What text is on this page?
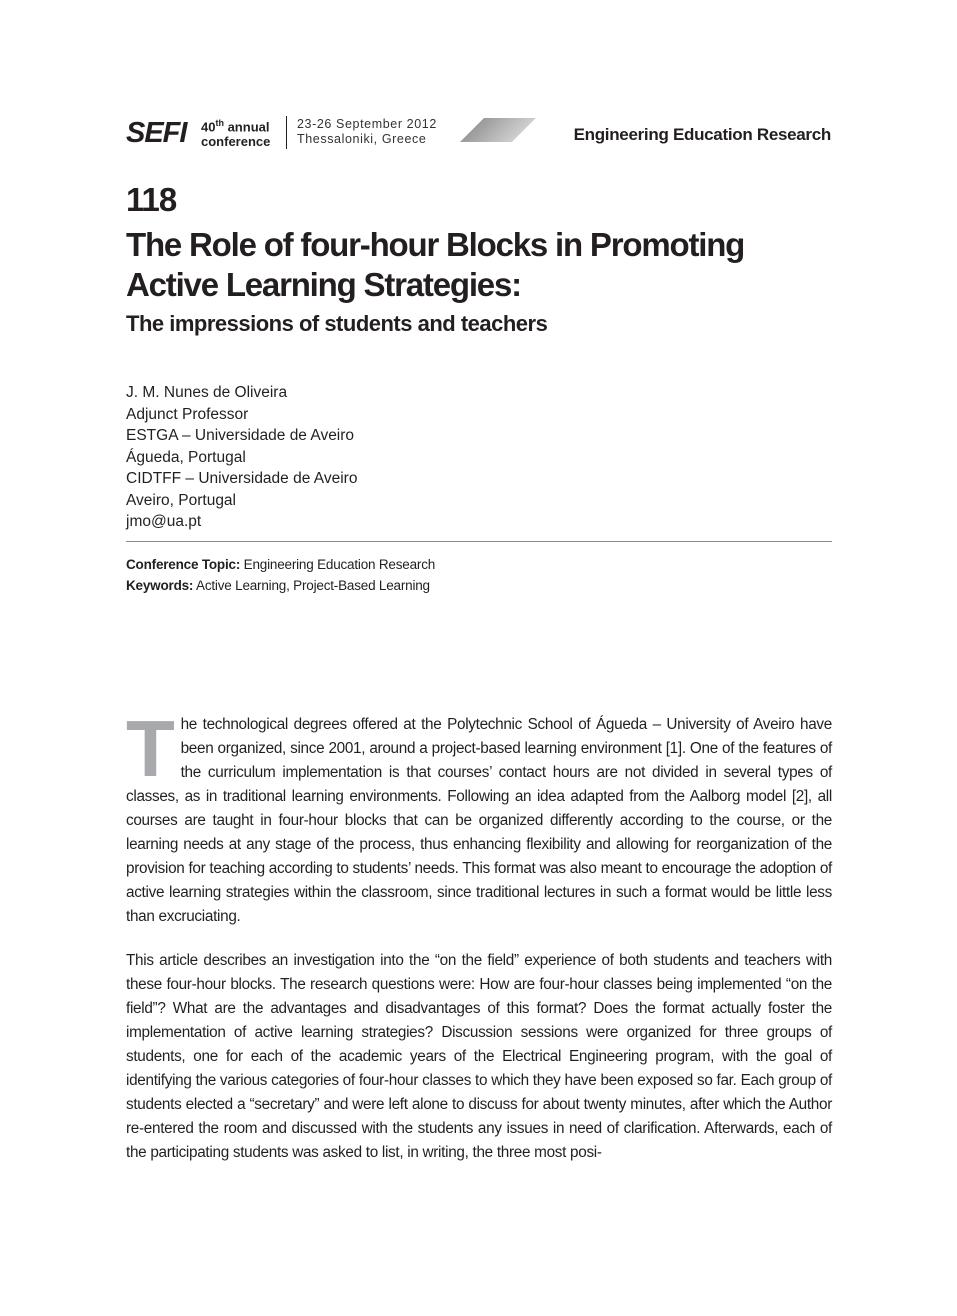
SEFI 40th annual
conference
23-26 September 2012
Thessaloniki, Greece	Engineering Education Research
118
The Role of four-hour Blocks in Promoting Active Learning Strategies:
The impressions of students and teachers
J. M. Nunes de Oliveira
Adjunct Professor
ESTGA – Universidade de Aveiro
Águeda, Portugal
CIDTFF – Universidade de Aveiro
Aveiro, Portugal
jmo@ua.pt
Conference Topic: Engineering Education Research
Keywords: Active Learning, Project-Based Learning

The technological degrees offered at the Polytechnic School of Águeda – University of Aveiro have been organized, since 2001, around a project-based learning environment [1]. One of the features of the curriculum implementation is that courses’ contact hours are not divided in several types of classes, as in traditional learning environments. Following an idea adapted from the Aalborg model [2], all courses are taught in four-hour blocks that can be organized differently according to the course, or the learning needs at any stage of the process, thus enhancing flexibility and allowing for reorganization of the provision for teaching according to students’ needs. This format was also meant to encourage the adoption of active learning strategies within the classroom, since traditional lectures in such a format would be little less than excruciating.

This article describes an investigation into the “on the field” experience of both students and teachers with these four-hour blocks. The research questions were: How are four-hour classes being implemented “on the field”? What are the advantages and disadvantages of this format? Does the format actually foster the implementation of active learning strategies? Discussion sessions were organized for three groups of students, one for each of the academic years of the Electrical Engineering program, with the goal of identifying the various categories of four-hour classes to which they have been exposed so far. Each group of students elected a “secretary” and were left alone to discuss for about twenty minutes, after which the Author re-entered the room and discussed with the students any issues in need of clarification. Afterwards, each of the participating students was asked to list, in writing, the three most posi-
